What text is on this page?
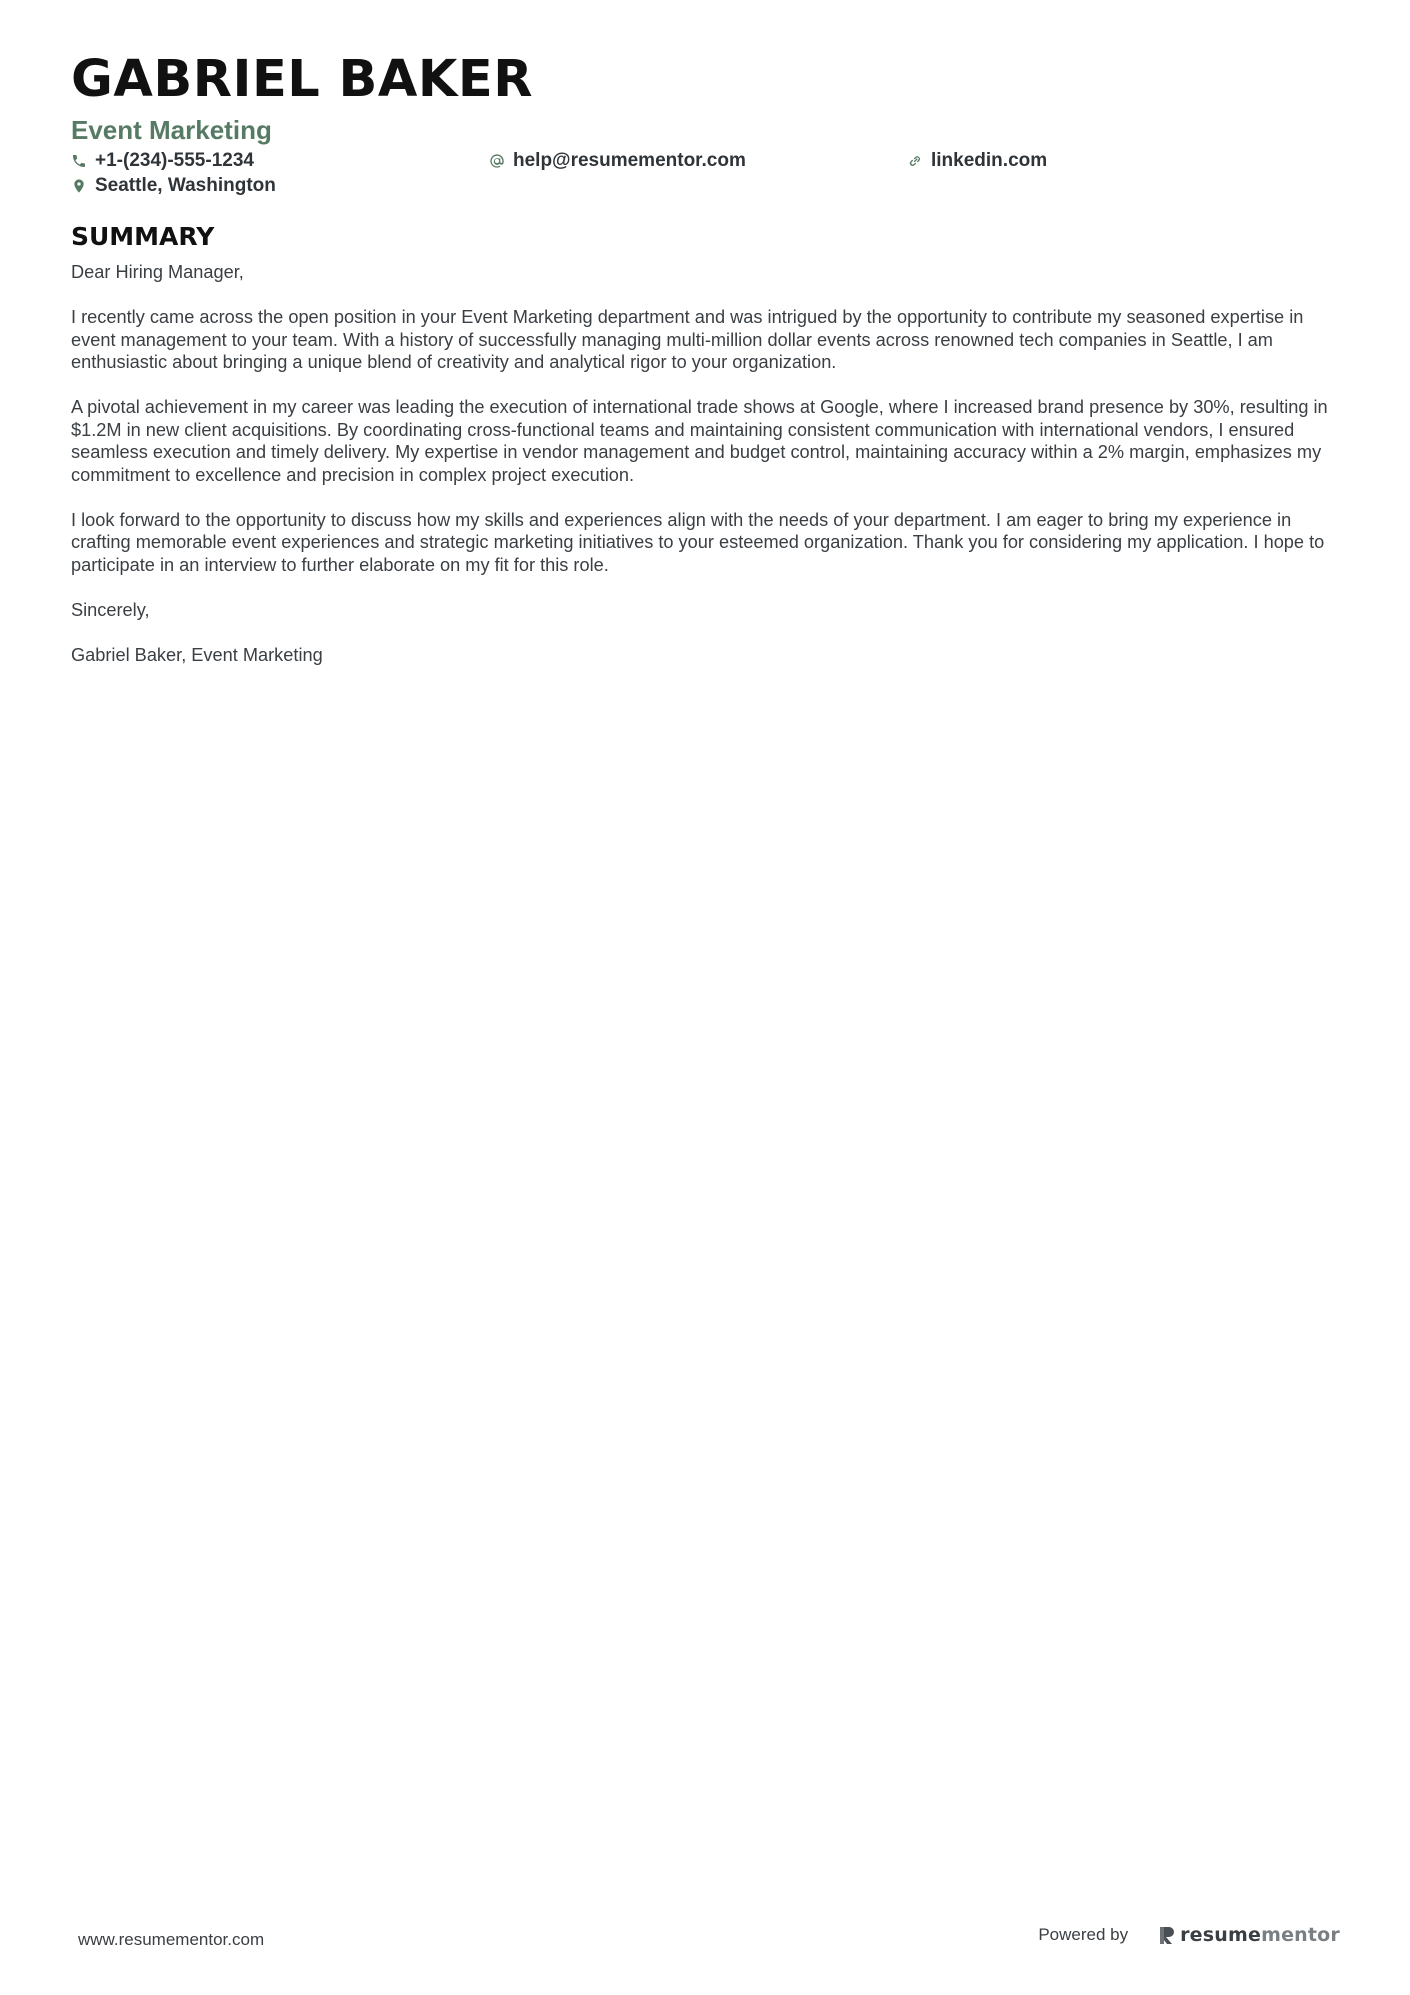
GABRIEL BAKER
Event Marketing
+1-(234)-555-1234	help@resumementor.com	linkedin.com
Seattle, Washington
SUMMARY

Dear Hiring Manager,

I recently came across the open position in your Event Marketing department and was intrigued by the opportunity to contribute my seasoned expertise in event management to your team. With a history of successfully managing multi-million dollar events across renowned tech companies in Seattle, I am enthusiastic about bringing a unique blend of creativity and analytical rigor to your organization.

A pivotal achievement in my career was leading the execution of international trade shows at Google, where I increased brand presence by 30%, resulting in $1.2M in new client acquisitions. By coordinating cross-functional teams and maintaining consistent communication with international vendors, I ensured seamless execution and timely delivery. My expertise in vendor management and budget control, maintaining accuracy within a 2% margin, emphasizes my commitment to excellence and precision in complex project execution.

I look forward to the opportunity to discuss how my skills and experiences align with the needs of your department. I am eager to bring my experience in crafting memorable event experiences and strategic marketing initiatives to your esteemed organization. Thank you for considering my application. I hope to participate in an interview to further elaborate on my fit for this role.

Sincerely,

Gabriel Baker, Event Marketing

www.resumementor.com	Powered by	resume mentor
